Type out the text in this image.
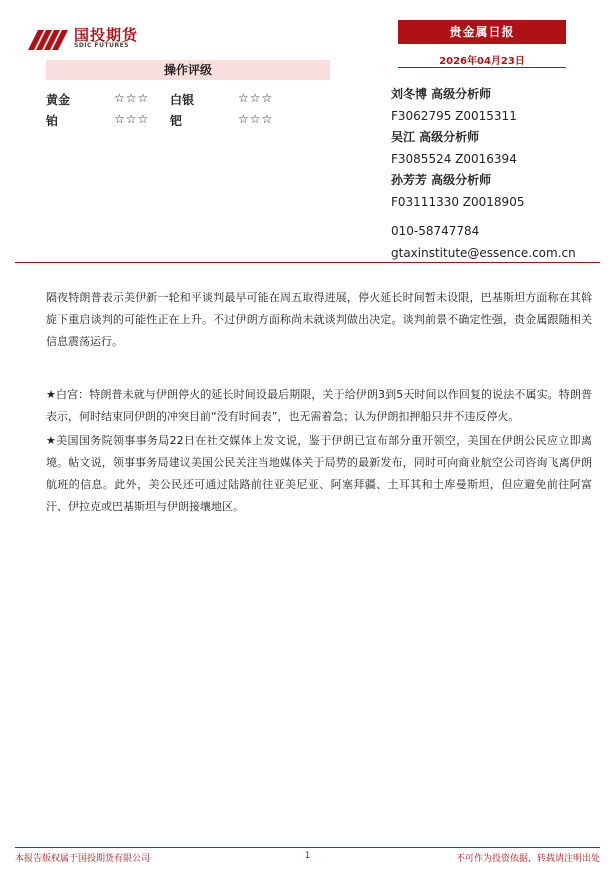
国投期货
SDIC FUTURES
贵金属日报
2026年04月23日
操作评级
黄金	☆☆☆ 白银	☆☆☆
铂	☆☆☆ 钯	☆☆☆
刘冬博 高级分析师
F3062795 Z0015311
吴江 高级分析师
F3085524 Z0016394
孙芳芳 高级分析师
F03111330 Z0018905
010-58747784
gtaxinstitute@essence.com.cn
隔夜特朗普表示美伊新一轮和平谈判最早可能在周五取得进展，停火延长时间暂未设限，巴基斯坦方面称在其斡旋下重启谈判的可能性正在上升。不过伊朗方面称尚未就谈判做出决定。谈判前景不确定性强，贵金属跟随相关信息震荡运行。
★白宫：特朗普未就与伊朗停火的延长时间设最后期限，关于给伊朗3到5天时间以作回复的说法不属实。特朗普表示，何时结束同伊朗的冲突目前“没有时间表”，也无需着急；认为伊朗扣押船只并不违反停火。
★美国国务院领事事务局22日在社交媒体上发文说，鉴于伊朗已宣布部分重开领空，美国在伊朗公民应立即离境。帖文说，领事事务局建议美国公民关注当地媒体关于局势的最新发布，同时可向商业航空公司咨询飞离伊朗航班的信息。此外，美公民还可通过陆路前往亚美尼亚、阿塞拜疆、土耳其和土库曼斯坦，但应避免前往阿富汗、伊拉克或巴基斯坦与伊朗接壤地区。
本报告版权属于国投期货有限公司	1	不可作为投资依据，转载请注明出处
